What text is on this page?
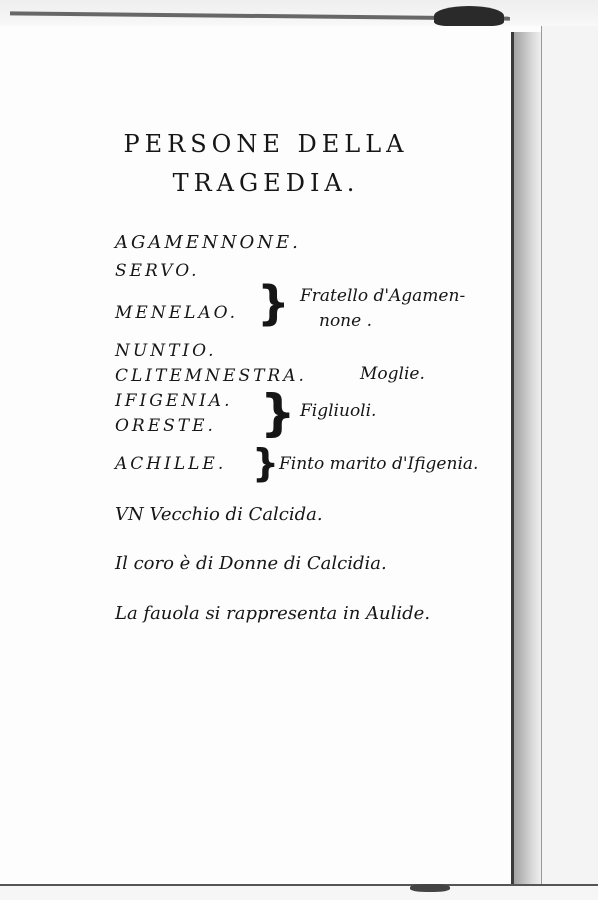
PERSONE DELLA
TRAGEDIA.
AGAMENNONE.
SERVO.
MENELAO. } Fratello d'Agamen-
none .
NUNTIO.
CLITEMNESTRA.	Moglie.
IFIGENIA.
ORESTE. } Figliuoli.
ACHILLE. } Finto marito d'Ifigenia.
VN Vecchio di Calcida.
Il coro è di Donne di Calcidia.
La fauola si rappresenta in Aulide.
